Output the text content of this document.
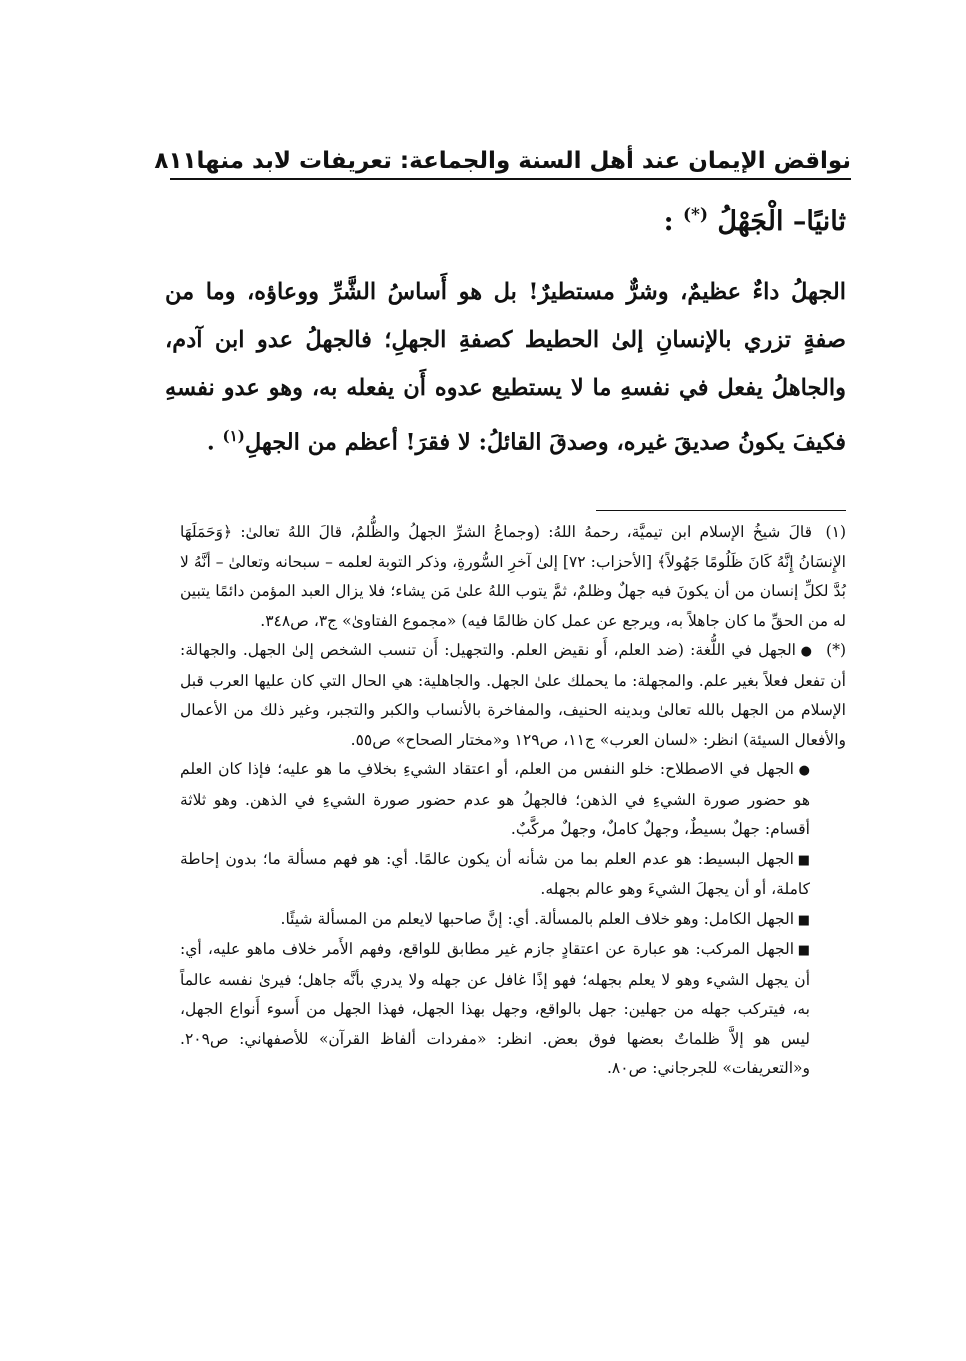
نواقض الإيمان عند أهل السنة والجماعة: تعريفات لابد منها
٨١١
ثانيًا– الْجَهْلُ (*) :

الجهلُ داءٌ عظيمٌ، وشرٌّ مستطيرٌ! بل هو أَساسُ الشَّرِّ ووعاؤه، وما من صفةٍ تزري بالإنسانِ إلىٰ الحطيط كصفةِ الجهلِ؛ فالجهلُ عدو ابن آدم، والجاهلُ يفعل في نفسهِ ما لا يستطيع عدوه أَن يفعله به، وهو عدو نفسهِ فكيفَ يكونُ صديقَ غيره، وصدقَ القائلُ: لا فقرَ! أعظم من الجهلِ$^{(١)}$ .

(١)قالَ شيخُ الإسلام ابن تيميَّة، رحمهُ اللهُ: (وجماعُ الشرِّ الجهلُ والظُّلمُ، قالَ اللهُ تعالىٰ: ﴿وَحَمَلَهَا الإِنسَانُ إِنَّهُ كَانَ ظَلُومًا جَهُولاً﴾ [الأحزاب: ٧٢] إلىٰ آخرِ السُّورةِ، وذكر التوبة لعلمه – سبحانه وتعالىٰ – أنَّهُ لا بُدَّ لكلِّ إنسان من أن يكونَ فيه جهلٌ وظلمٌ، ثمَّ يتوب اللهُ علىٰ مَن يشاء؛ فلا يزال العبد المؤمن دائمًا يتبين له من الحقِّ ما كان جاهلاً به، ويرجع عن عمل كان ظالمًا فيه) «مجموع الفتاوىٰ» ج٣، ص٣٤٨.

(*)●الجهل في اللُّغة: (ضد العلم، أَو نقيض العلم. والتجهيل: أَن تنسب الشخص إلىٰ الجهل. والجهالة: أن تفعل فعلاً بغير علم. والمجهلة: ما يحملك علىٰ الجهل. والجاهلية: هي الحال التي كان عليها العرب قبل الإسلام من الجهل بالله تعالىٰ وبدينه الحنيف، والمفاخرة بالأنساب والكبر والتجبر، وغير ذلك من الأعمال والأفعال السيئة) انظر: «لسان العرب» ج١١، ص١٢٩ و«مختار الصحاح» ص٥٥.

●الجهل في الاصطلاح: خلو النفس من العلم، أو اعتقاد الشيءِ بخلافِ ما هو عليه؛ فإذا كان العلم هو حضور صورة الشيءِ في الذهن؛ فالجهلُ هو عدم حضور صورة الشيءِ في الذهن. وهو ثلاثة أقسام: جهلٌ بسيطٌ، وجهلٌ كاملٌ، وجهلٌ مركَّبٌ.

■الجهل البسيط: هو عدم العلم بما من شأنه أن يكون عالمًا. أي: هو فهم مسألة ما؛ بدون إحاطة كاملة، أو أن يجهلَ الشيءَ وهو عالم بجهله.

■الجهل الكامل: وهو خلاف العلم بالمسألة. أي: إنَّ صاحبها لايعلم من المسألة شيئًا.

■الجهل المركب: هو عبارة عن اعتقادٍ جازم غير مطابق للواقع، وفهم الأَمر خلاف ماهو عليه، أي: أن يجهل الشيء وهو لا يعلم بجهله؛ فهو إذًا غافل عن جهله ولا يدري بأنَّه جاهل؛ فيرىٰ نفسه عالماً به، فيتركب جهله من جهلين: جهل بالواقع، وجهل بهذا الجهل، فهذا الجهل من أَسوء أَنواع الجهل، ليس هو إلاَّ ظلماتٌ بعضها فوق بعض. انظر: «مفردات ألفاظ القرآن» للأصفهاني: ص٢٠٩. و«التعريفات» للجرجاني: ص٨٠.
